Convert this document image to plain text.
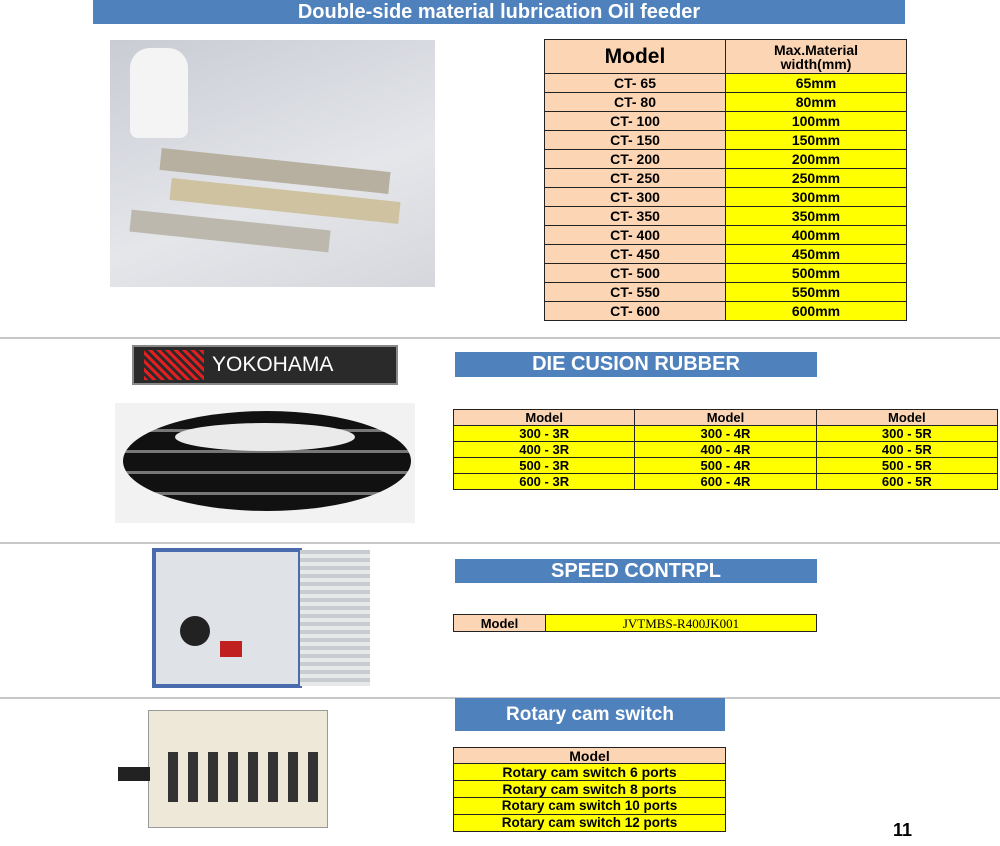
Double-side material lubrication Oil feeder
Model	Max.Material width(mm)
CT- 65	65mm
CT- 80	80mm
CT- 100	100mm
CT- 150	150mm
CT- 200	200mm
CT- 250	250mm
CT- 300	300mm
CT- 350	350mm
CT- 400	400mm
CT- 450	450mm
CT- 500	500mm
CT- 550	550mm
CT- 600	600mm
YOKOHAMA	DIE CUSION RUBBER
Model	Model	Model
300 - 3R	300 - 4R	300 - 5R
400 - 3R	400 - 4R	400 - 5R
500 - 3R	500 - 4R	500 - 5R
600 - 3R	600 - 4R	600 - 5R
SPEED CONTRPL
Model	JVTMBS-R400JK001
Rotary cam switch
Model
Rotary cam switch 6 ports
Rotary cam switch 8 ports
Rotary cam switch 10 ports
Rotary cam switch 12 ports	11
